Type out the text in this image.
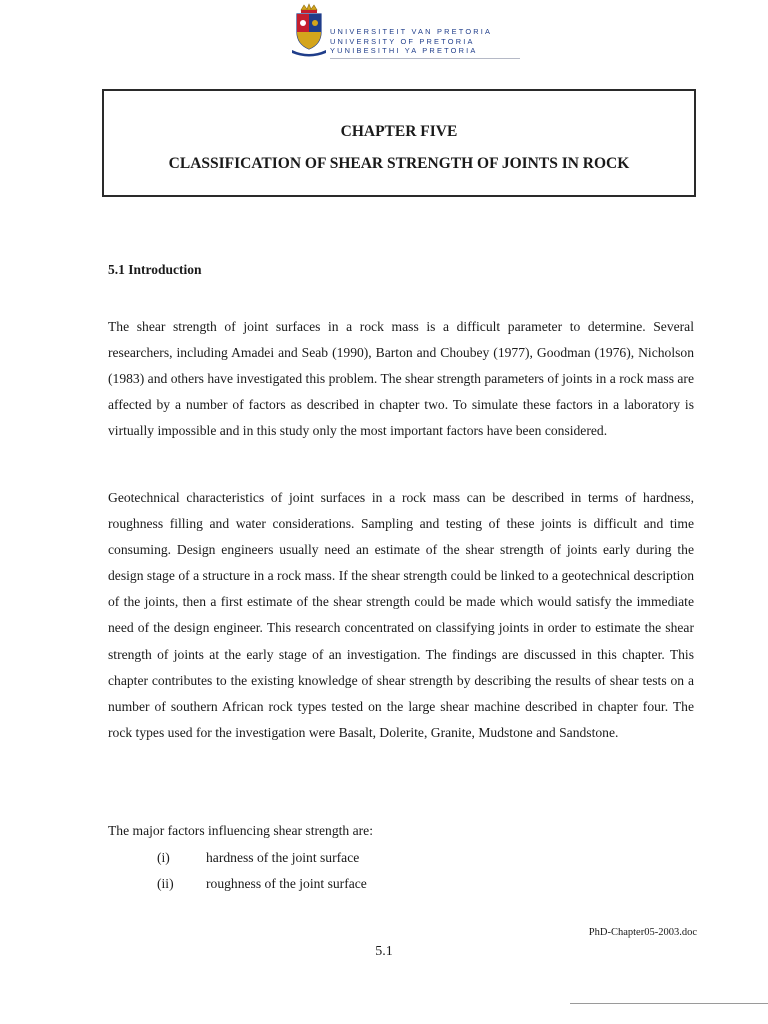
UNIVERSITEIT VAN PRETORIA
UNIVERSITY OF PRETORIA
YUNIBESITHI YA PRETORIA
CHAPTER FIVE
CLASSIFICATION OF SHEAR STRENGTH OF JOINTS IN ROCK
5.1 Introduction

The shear strength of joint surfaces in a rock mass is a difficult parameter to determine. Several researchers, including Amadei and Seab (1990), Barton and Choubey (1977), Goodman (1976), Nicholson (1983) and others have investigated this problem. The shear strength parameters of joints in a rock mass are affected by a number of factors as described in chapter two. To simulate these factors in a laboratory is virtually impossible and in this study only the most important factors have been considered.

Geotechnical characteristics of joint surfaces in a rock mass can be described in terms of hardness, roughness filling and water considerations. Sampling and testing of these joints is difficult and time consuming. Design engineers usually need an estimate of the shear strength of joints early during the design stage of a structure in a rock mass. If the shear strength could be linked to a geotechnical description of the joints, then a first estimate of the shear strength could be made which would satisfy the immediate need of the design engineer. This research concentrated on classifying joints in order to estimate the shear strength of joints at the early stage of an investigation. The findings are discussed in this chapter. This chapter contributes to the existing knowledge of shear strength by describing the results of shear tests on a number of southern African rock types tested on the large shear machine described in chapter four. The rock types used for the investigation were Basalt, Dolerite, Granite, Mudstone and Sandstone.

The major factors influencing shear strength are:

(i)	hardness of the joint surface
(ii) roughness of the joint surface
PhD-Chapter05-2003.doc
5.1
